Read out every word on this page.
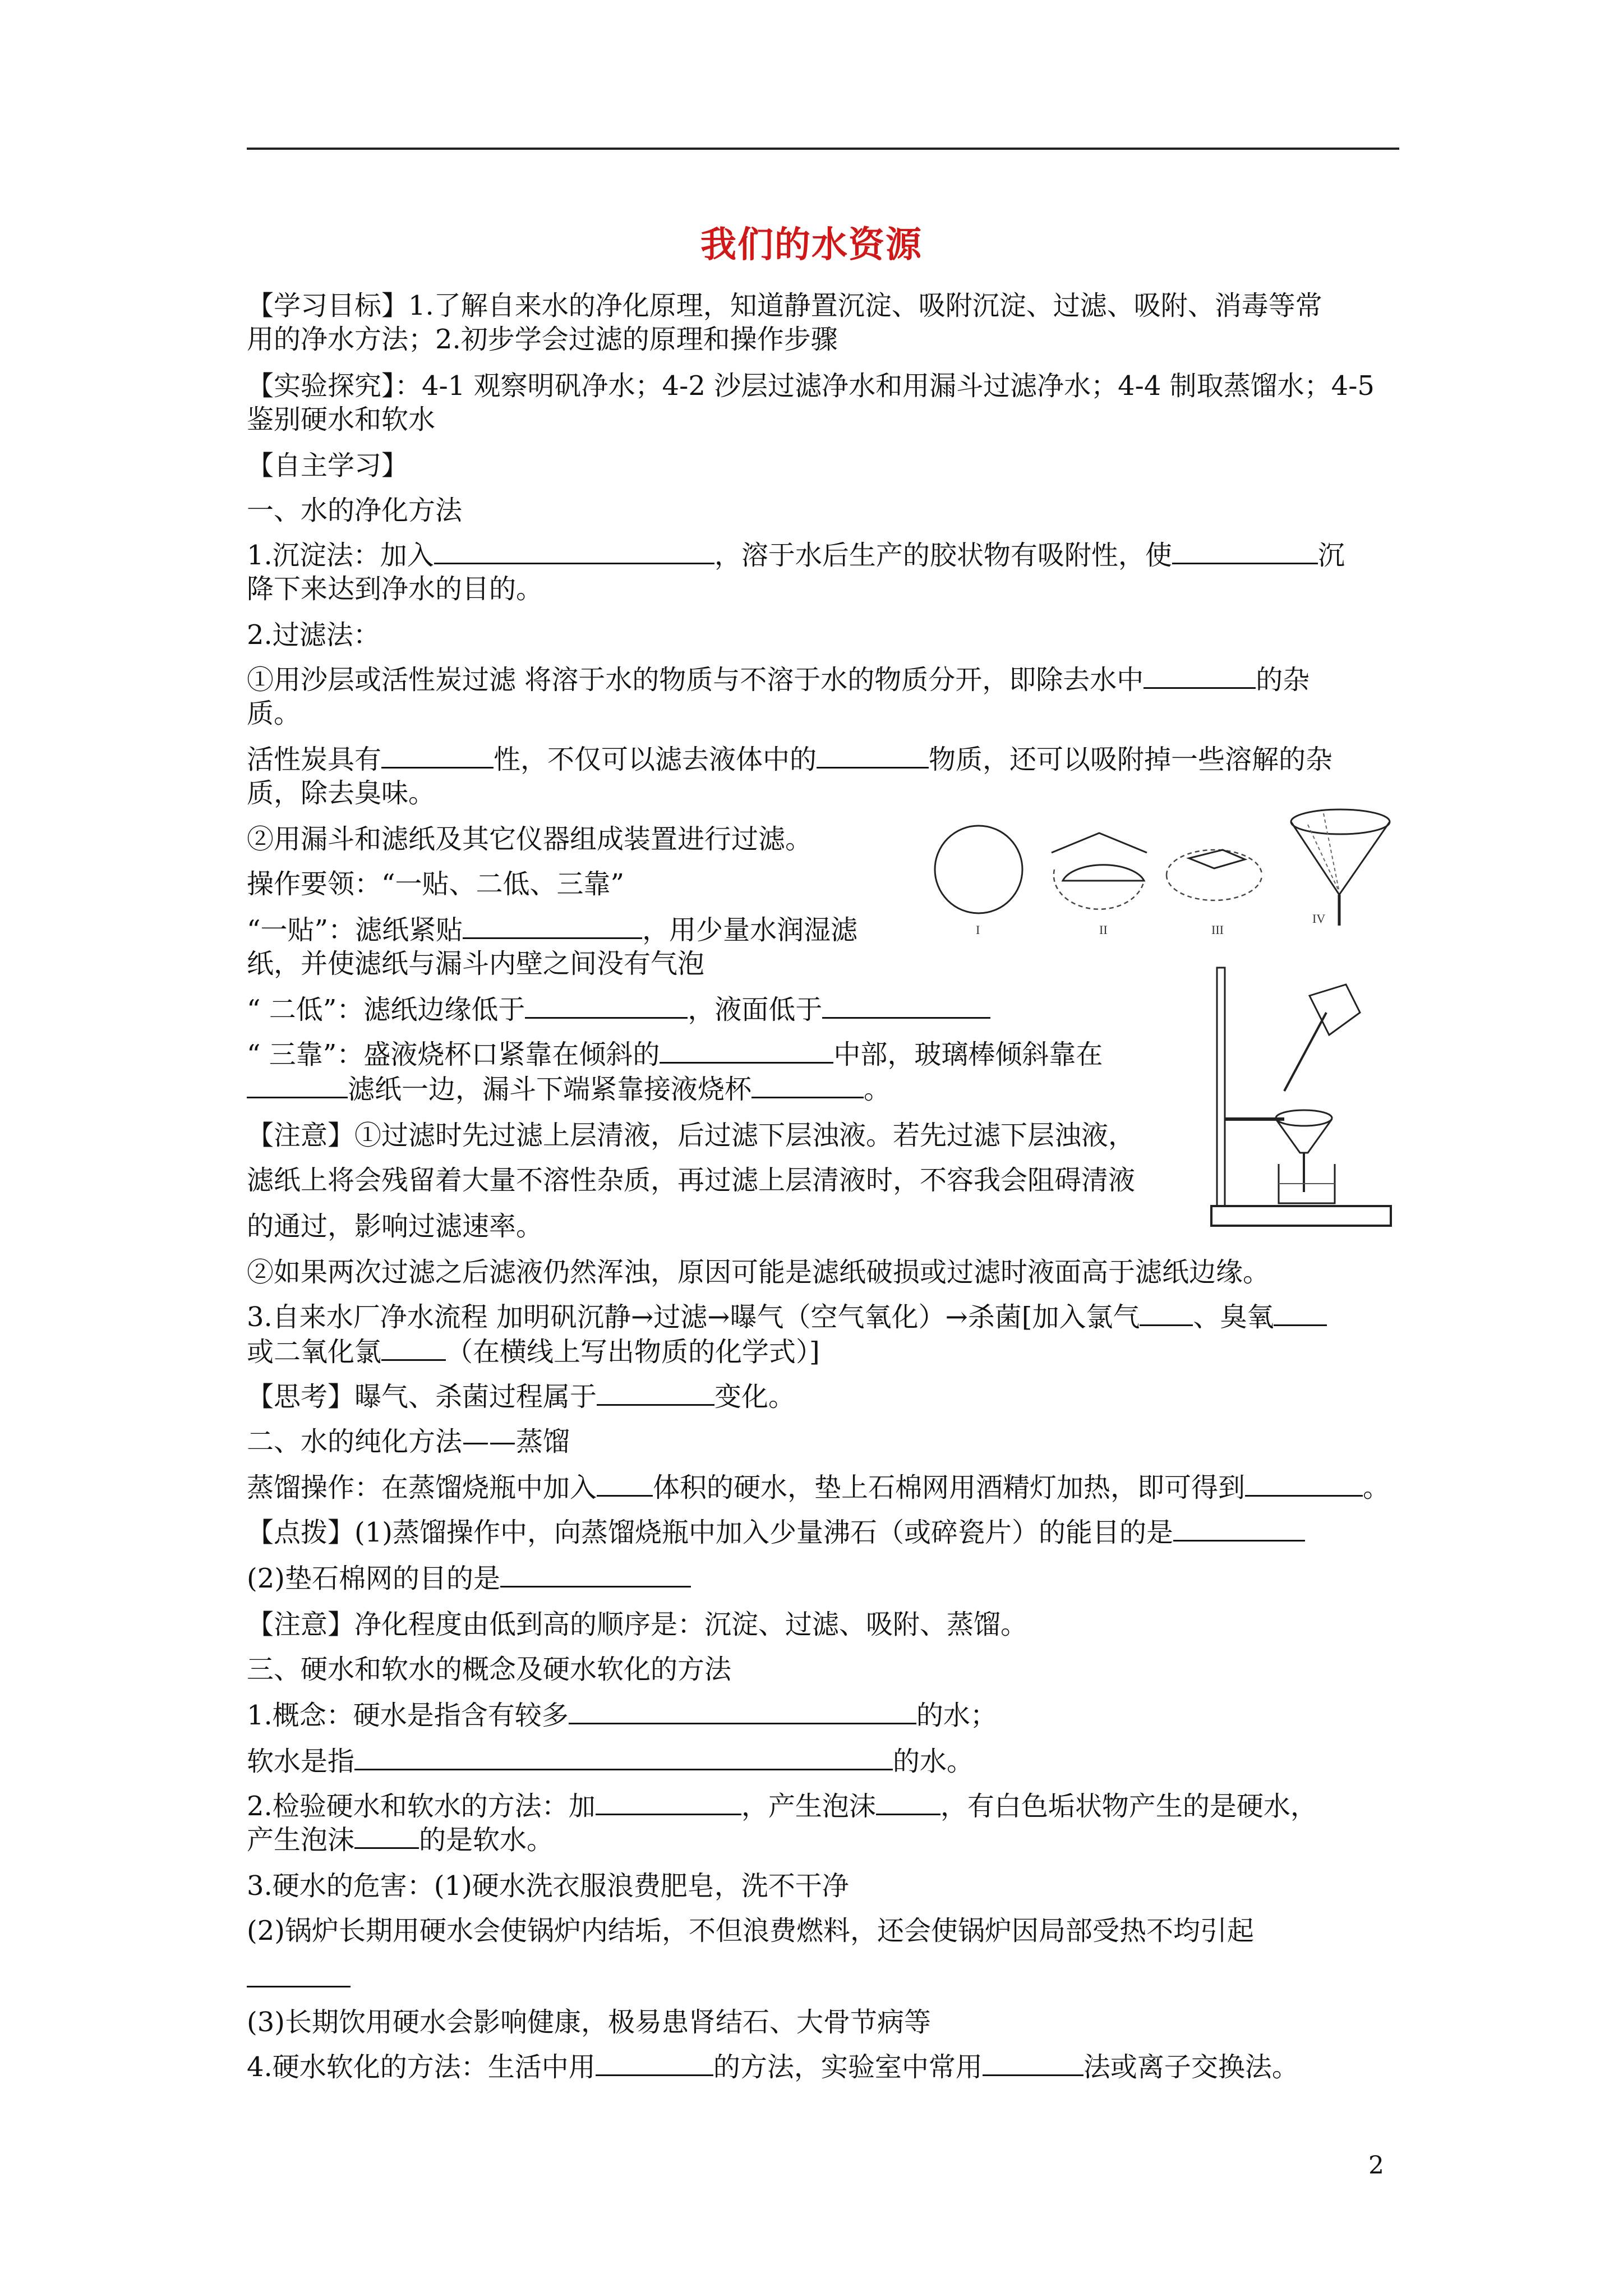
我们的水资源
【学习目标】1.了解自来水的净化原理，知道静置沉淀、吸附沉淀、过滤、吸附、消毒等常
用的净水方法；2.初步学会过滤的原理和操作步骤
【实验探究】：4-1 观察明矾净水；4-2 沙层过滤净水和用漏斗过滤净水；4-4 制取蒸馏水；4-5
鉴别硬水和软水
【自主学习】
一、水的净化方法
1.沉淀法：加入	，溶于水后生产的胶状物有吸附性，使	沉
降下来达到净水的目的。
2.过滤法：
①用沙层或活性炭过滤 将溶于水的物质与不溶于水的物质分开，即除去水中	的杂
质。
活性炭具有	性，不仅可以滤去液体中的	物质，还可以吸附掉一些溶解的杂
质，除去臭味。
②用漏斗和滤纸及其它仪器组成装置进行过滤。
操作要领：“一贴、二低、三靠”
“一贴”：滤纸紧贴	，用少量水润湿滤
纸，并使滤纸与漏斗内壁之间没有气泡
“ 二低”：滤纸边缘低于	，液面低于
“ 三靠”：盛液烧杯口紧靠在倾斜的	中部，玻璃棒倾斜靠在
滤纸一边，漏斗下端紧靠接液烧杯	。
【注意】①过滤时先过滤上层清液，后过滤下层浊液。若先过滤下层浊液，
滤纸上将会残留着大量不溶性杂质，再过滤上层清液时，不容我会阻碍清液
的通过，影响过滤速率。
②如果两次过滤之后滤液仍然浑浊，原因可能是滤纸破损或过滤时液面高于滤纸边缘。
3.自来水厂净水流程 加明矾沉静→过滤→曝气（空气氧化）→杀菌[加入氯气 、臭氧
或二氧化氯 （在横线上写出物质的化学式）]
【思考】曝气、杀菌过程属于	变化。
二、水的纯化方法——蒸馏
蒸馏操作：在蒸馏烧瓶中加入 体积的硬水，垫上石棉网用酒精灯加热，即可得到	。
【点拨】(1)蒸馏操作中，向蒸馏烧瓶中加入少量沸石（或碎瓷片）的能目的是
(2)垫石棉网的目的是
【注意】净化程度由低到高的顺序是：沉淀、过滤、吸附、蒸馏。
三、硬水和软水的概念及硬水软化的方法
1.概念：硬水是指含有较多	的水；
软水是指	的水。
2.检验硬水和软水的方法：加	，产生泡沫 ，有白色垢状物产生的是硬水，
产生泡沫 的是软水。
3.硬水的危害：(1)硬水洗衣服浪费肥皂，洗不干净
(2)锅炉长期用硬水会使锅炉内结垢，不但浪费燃料，还会使锅炉因局部受热不均引起
(3)长期饮用硬水会影响健康，极易患肾结石、大骨节病等
4.硬水软化的方法：生活中用	的方法，实验室中常用	法或离子交换法。
I	II	III
IV
2
